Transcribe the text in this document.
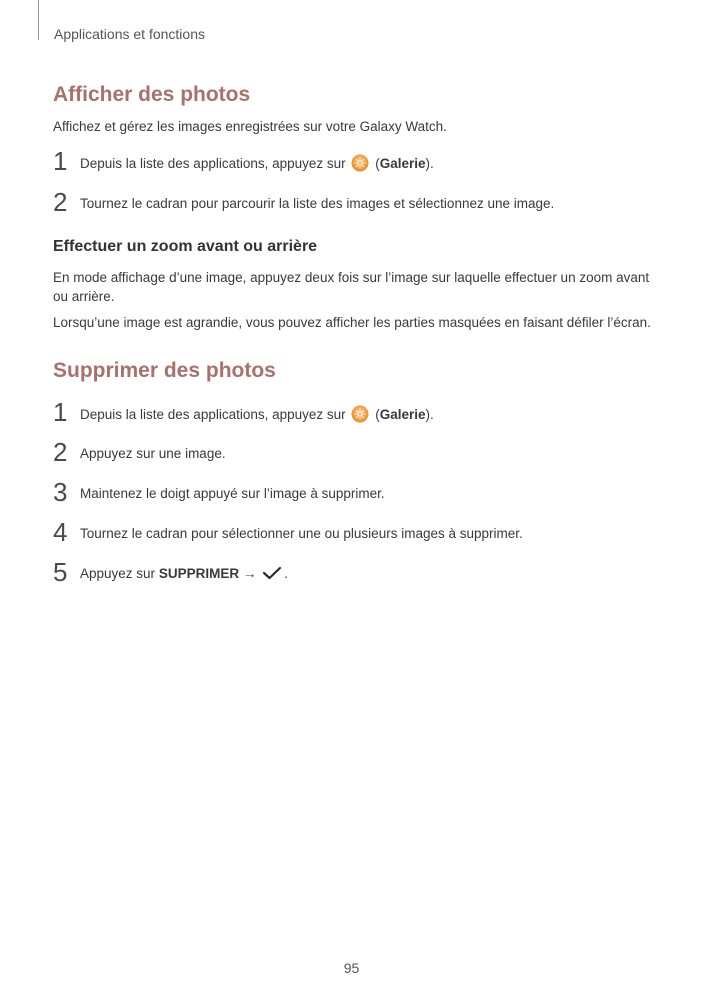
Applications et fonctions
Afficher des photos

Affichez et gérez les images enregistrées sur votre Galaxy Watch.

1 Depuis la liste des applications, appuyez sur (Galerie).
2 Tournez le cadran pour parcourir la liste des images et sélectionnez une image.
Effectuer un zoom avant ou arrière

En mode affichage d’une image, appuyez deux fois sur l’image sur laquelle effectuer un zoom avant ou arrière.

Lorsqu’une image est agrandie, vous pouvez afficher les parties masquées en faisant défiler l’écran.

Supprimer des photos
1 Depuis la liste des applications, appuyez sur (Galerie).
2 Appuyez sur une image.
3 Maintenez le doigt appuyé sur l’image à supprimer.
4 Tournez le cadran pour sélectionner une ou plusieurs images à supprimer.
5 Appuyez sur SUPPRIMER → .
95
